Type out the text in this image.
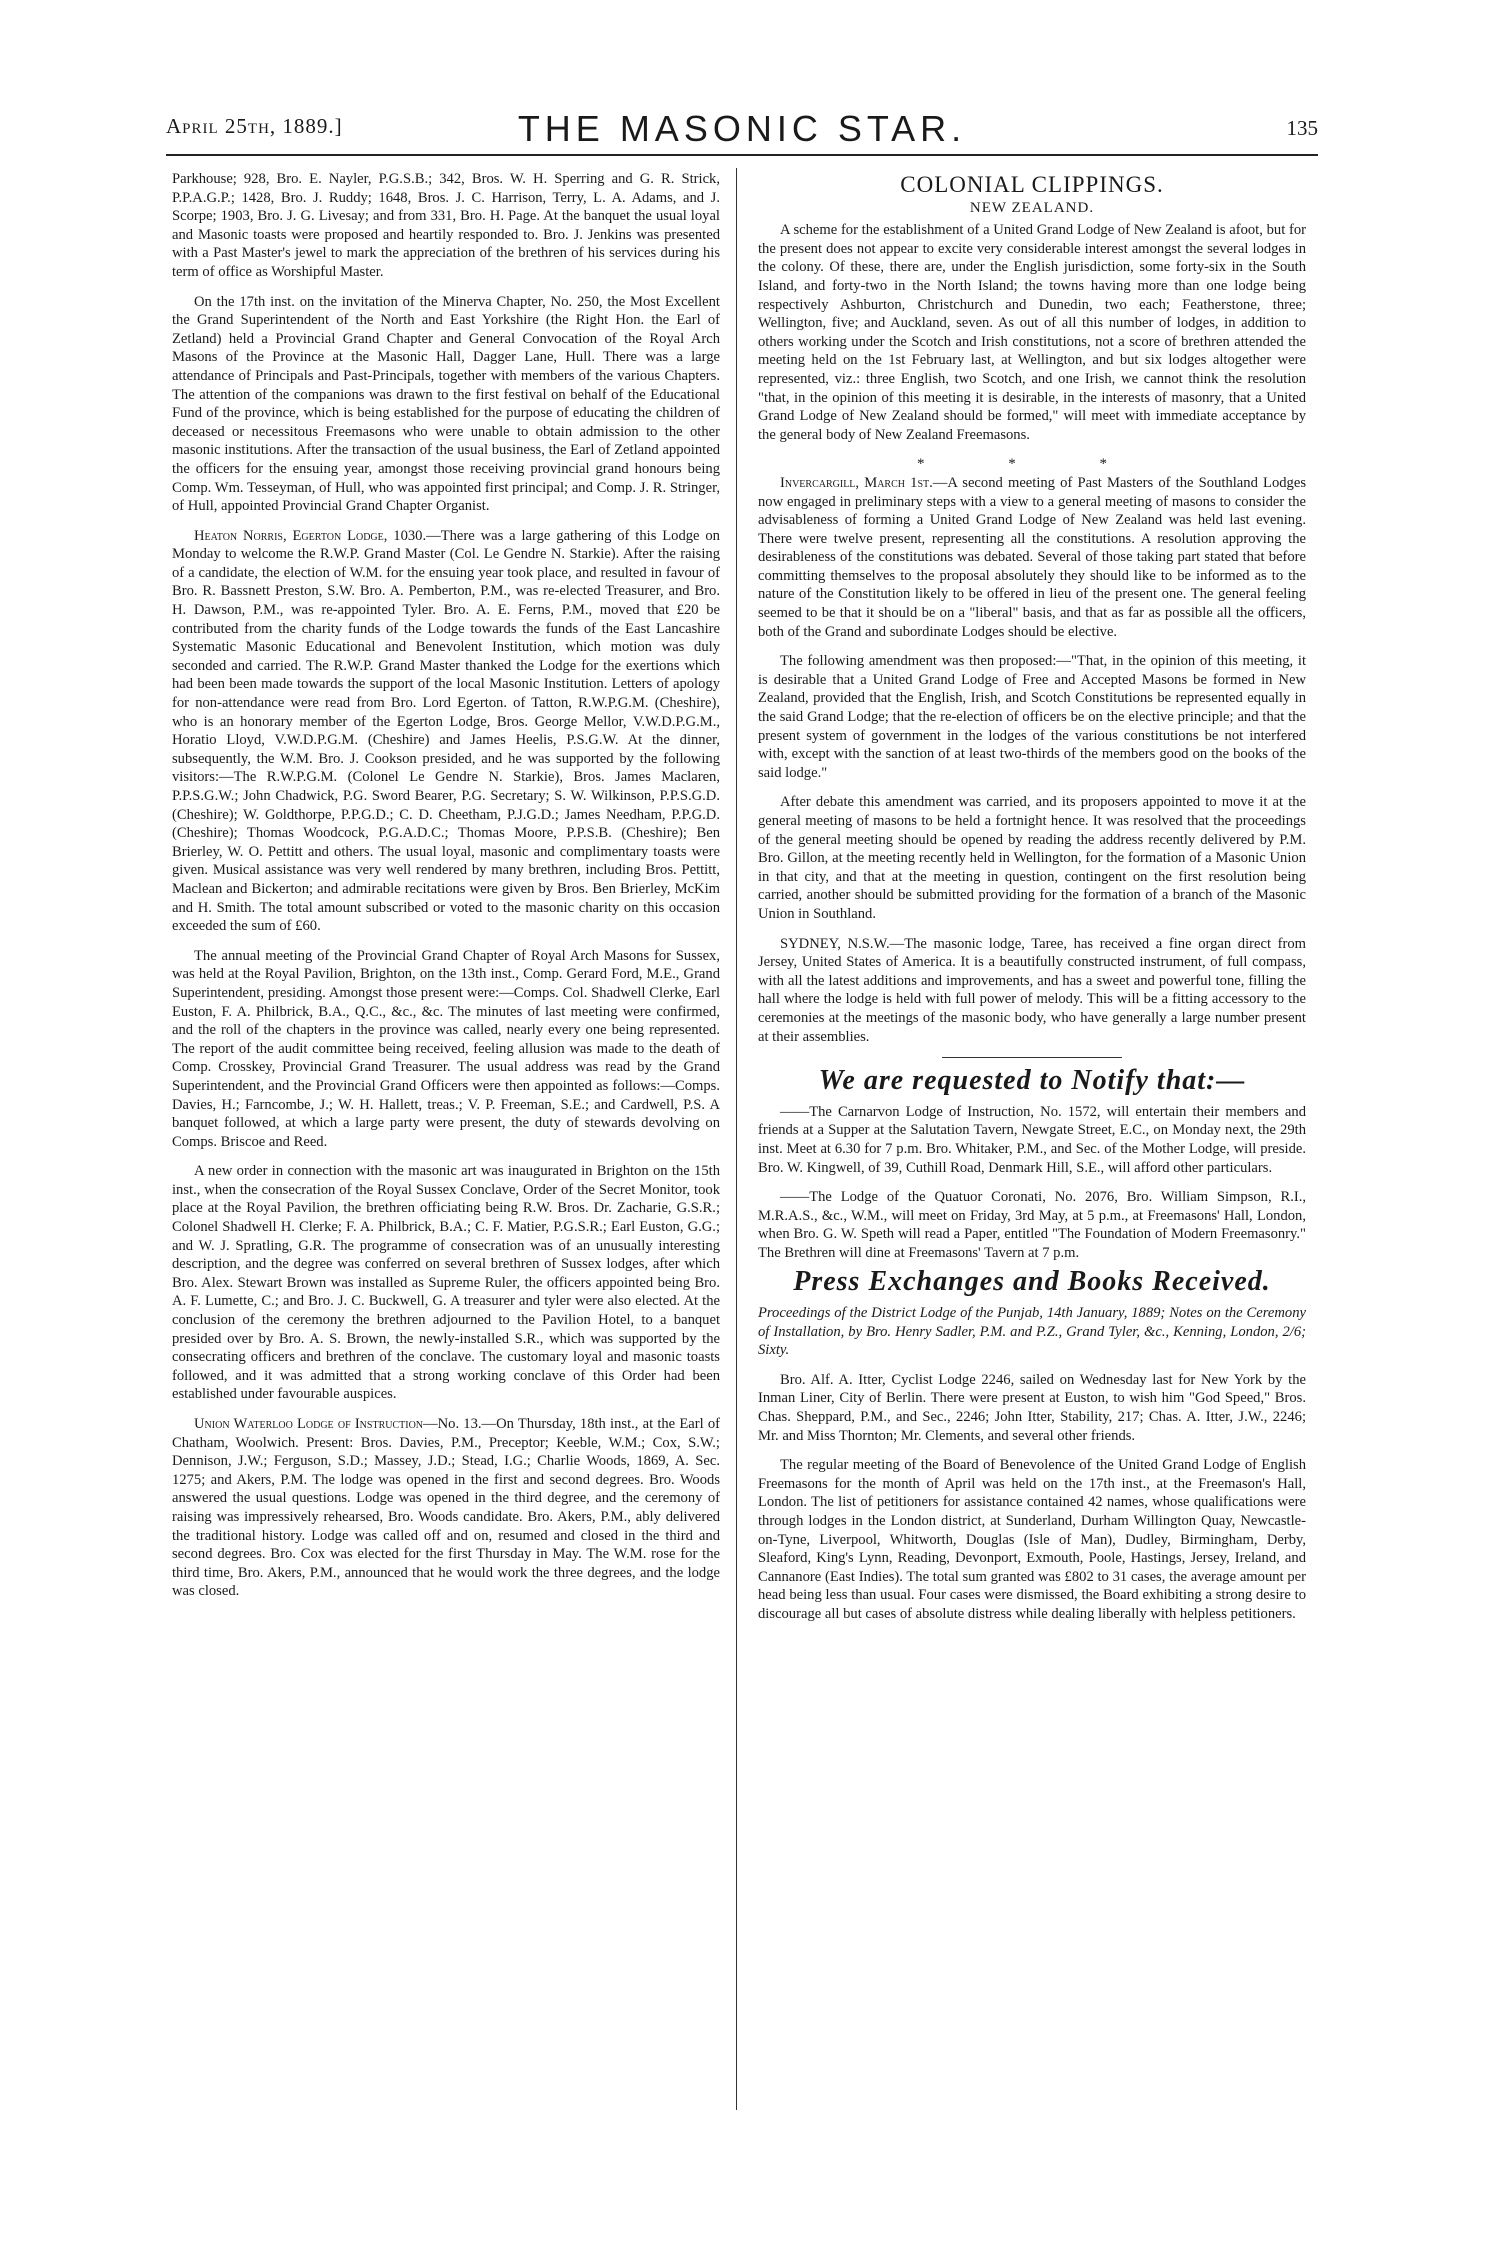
April 25th, 1889.]	THE MASONIC STAR.	135

Parkhouse; 928, Bro. E. Nayler, P.G.S.B.; 342, Bros. W. H. Sperring and G. R. Strick, P.P.A.G.P.; 1428, Bro. J. Ruddy; 1648, Bros. J. C. Harrison, Terry, L. A. Adams, and J. Scorpe; 1903, Bro. J. G. Livesay; and from 331, Bro. H. Page. At the banquet the usual loyal and Masonic toasts were proposed and heartily responded to. Bro. J. Jenkins was presented with a Past Master's jewel to mark the appreciation of the brethren of his services during his term of office as Worshipful Master.

On the 17th inst. on the invitation of the Minerva Chapter, No. 250, the Most Excellent the Grand Superintendent of the North and East Yorkshire (the Right Hon. the Earl of Zetland) held a Provincial Grand Chapter and General Convocation of the Royal Arch Masons of the Province at the Masonic Hall, Dagger Lane, Hull. There was a large attendance of Principals and Past-Principals, together with members of the various Chapters. The attention of the companions was drawn to the first festival on behalf of the Educational Fund of the province, which is being established for the purpose of educating the children of deceased or necessitous Freemasons who were unable to obtain admission to the other masonic institutions. After the transaction of the usual business, the Earl of Zetland appointed the officers for the ensuing year, amongst those receiving provincial grand honours being Comp. Wm. Tesseyman, of Hull, who was appointed first principal; and Comp. J. R. Stringer, of Hull, appointed Provincial Grand Chapter Organist.

Heaton Norris, Egerton Lodge, 1030.—There was a large gathering of this Lodge on Monday to welcome the R.W.P. Grand Master (Col. Le Gendre N. Starkie). After the raising of a candidate, the election of W.M. for the ensuing year took place, and resulted in favour of Bro. R. Bassnett Preston, S.W. Bro. A. Pemberton, P.M., was re-elected Treasurer, and Bro. H. Dawson, P.M., was re-appointed Tyler. Bro. A. E. Ferns, P.M., moved that £20 be contributed from the charity funds of the Lodge towards the funds of the East Lancashire Systematic Masonic Educational and Benevolent Institution, which motion was duly seconded and carried. The R.W.P. Grand Master thanked the Lodge for the exertions which had been been made towards the support of the local Masonic Institution. Letters of apology for non-attendance were read from Bro. Lord Egerton. of Tatton, R.W.P.G.M. (Cheshire), who is an honorary member of the Egerton Lodge, Bros. George Mellor, V.W.D.P.G.M., Horatio Lloyd, V.W.D.P.G.M. (Cheshire) and James Heelis, P.S.G.W. At the dinner, subsequently, the W.M. Bro. J. Cookson presided, and he was supported by the following visitors:—The R.W.P.G.M. (Colonel Le Gendre N. Starkie), Bros. James Maclaren, P.P.S.G.W.; John Chadwick, P.G. Sword Bearer, P.G. Secretary; S. W. Wilkinson, P.P.S.G.D. (Cheshire); W. Goldthorpe, P.P.G.D.; C. D. Cheetham, P.J.G.D.; James Needham, P.P.G.D. (Cheshire); Thomas Woodcock, P.G.A.D.C.; Thomas Moore, P.P.S.B. (Cheshire); Ben Brierley, W. O. Pettitt and others. The usual loyal, masonic and complimentary toasts were given. Musical assistance was very well rendered by many brethren, including Bros. Pettitt, Maclean and Bickerton; and admirable recitations were given by Bros. Ben Brierley, McKim and H. Smith. The total amount subscribed or voted to the masonic charity on this occasion exceeded the sum of £60.

The annual meeting of the Provincial Grand Chapter of Royal Arch Masons for Sussex, was held at the Royal Pavilion, Brighton, on the 13th inst., Comp. Gerard Ford, M.E., Grand Superintendent, presiding. Amongst those present were:—Comps. Col. Shadwell Clerke, Earl Euston, F. A. Philbrick, B.A., Q.C., &c., &c. The minutes of last meeting were confirmed, and the roll of the chapters in the province was called, nearly every one being represented. The report of the audit committee being received, feeling allusion was made to the death of Comp. Crosskey, Provincial Grand Treasurer. The usual address was read by the Grand Superintendent, and the Provincial Grand Officers were then appointed as follows:—Comps. Davies, H.; Farncombe, J.; W. H. Hallett, treas.; V. P. Freeman, S.E.; and Cardwell, P.S. A banquet followed, at which a large party were present, the duty of stewards devolving on Comps. Briscoe and Reed.

A new order in connection with the masonic art was inaugurated in Brighton on the 15th inst., when the consecration of the Royal Sussex Conclave, Order of the Secret Monitor, took place at the Royal Pavilion, the brethren officiating being R.W. Bros. Dr. Zacharie, G.S.R.; Colonel Shadwell H. Clerke; F. A. Philbrick, B.A.; C. F. Matier, P.G.S.R.; Earl Euston, G.G.; and W. J. Spratling, G.R. The programme of consecration was of an unusually interesting description, and the degree was conferred on several brethren of Sussex lodges, after which Bro. Alex. Stewart Brown was installed as Supreme Ruler, the officers appointed being Bro. A. F. Lumette, C.; and Bro. J. C. Buckwell, G. A treasurer and tyler were also elected. At the conclusion of the ceremony the brethren adjourned to the Pavilion Hotel, to a banquet presided over by Bro. A. S. Brown, the newly-installed S.R., which was supported by the consecrating officers and brethren of the conclave. The customary loyal and masonic toasts followed, and it was admitted that a strong working conclave of this Order had been established under favourable auspices.

Union Waterloo Lodge of Instruction—No. 13.—On Thursday, 18th inst., at the Earl of Chatham, Woolwich. Present: Bros. Davies, P.M., Preceptor; Keeble, W.M.; Cox, S.W.; Dennison, J.W.; Ferguson, S.D.; Massey, J.D.; Stead, I.G.; Charlie Woods, 1869, A. Sec. 1275; and Akers, P.M. The lodge was opened in the first and second degrees. Bro. Woods answered the usual questions. Lodge was opened in the third degree, and the ceremony of raising was impressively rehearsed, Bro. Woods candidate. Bro. Akers, P.M., ably delivered the traditional history. Lodge was called off and on, resumed and closed in the third and second degrees. Bro. Cox was elected for the first Thursday in May. The W.M. rose for the third time, Bro. Akers, P.M., announced that he would work the three degrees, and the lodge was closed.

COLONIAL CLIPPINGS.
NEW ZEALAND.

A scheme for the establishment of a United Grand Lodge of New Zealand is afoot, but for the present does not appear to excite very considerable interest amongst the several lodges in the colony. Of these, there are, under the English jurisdiction, some forty-six in the South Island, and forty-two in the North Island; the towns having more than one lodge being respectively Ashburton, Christchurch and Dunedin, two each; Featherstone, three; Wellington, five; and Auckland, seven. As out of all this number of lodges, in addition to others working under the Scotch and Irish constitutions, not a score of brethren attended the meeting held on the 1st February last, at Wellington, and but six lodges altogether were represented, viz.: three English, two Scotch, and one Irish, we cannot think the resolution "that, in the opinion of this meeting it is desirable, in the interests of masonry, that a United Grand Lodge of New Zealand should be formed," will meet with immediate acceptance by the general body of New Zealand Freemasons.

* * *

Invercargill, March 1st.—A second meeting of Past Masters of the Southland Lodges now engaged in preliminary steps with a view to a general meeting of masons to consider the advisableness of forming a United Grand Lodge of New Zealand was held last evening. There were twelve present, representing all the constitutions. A resolution approving the desirableness of the constitutions was debated. Several of those taking part stated that before committing themselves to the proposal absolutely they should like to be informed as to the nature of the Constitution likely to be offered in lieu of the present one. The general feeling seemed to be that it should be on a "liberal" basis, and that as far as possible all the officers, both of the Grand and subordinate Lodges should be elective.

The following amendment was then proposed:—"That, in the opinion of this meeting, it is desirable that a United Grand Lodge of Free and Accepted Masons be formed in New Zealand, provided that the English, Irish, and Scotch Constitutions be represented equally in the said Grand Lodge; that the re-election of officers be on the elective principle; and that the present system of government in the lodges of the various constitutions be not interfered with, except with the sanction of at least two-thirds of the members good on the books of the said lodge."

After debate this amendment was carried, and its proposers appointed to move it at the general meeting of masons to be held a fortnight hence. It was resolved that the proceedings of the general meeting should be opened by reading the address recently delivered by P.M. Bro. Gillon, at the meeting recently held in Wellington, for the formation of a Masonic Union in that city, and that at the meeting in question, contingent on the first resolution being carried, another should be submitted providing for the formation of a branch of the Masonic Union in Southland.

SYDNEY, N.S.W.—The masonic lodge, Taree, has received a fine organ direct from Jersey, United States of America. It is a beautifully constructed instrument, of full compass, with all the latest additions and improvements, and has a sweet and powerful tone, filling the hall where the lodge is held with full power of melody. This will be a fitting accessory to the ceremonies at the meetings of the masonic body, who have generally a large number present at their assemblies.

We are requested to Notify that:—

——The Carnarvon Lodge of Instruction, No. 1572, will entertain their members and friends at a Supper at the Salutation Tavern, Newgate Street, E.C., on Monday next, the 29th inst. Meet at 6.30 for 7 p.m. Bro. Whitaker, P.M., and Sec. of the Mother Lodge, will preside. Bro. W. Kingwell, of 39, Cuthill Road, Denmark Hill, S.E., will afford other particulars.

——The Lodge of the Quatuor Coronati, No. 2076, Bro. William Simpson, R.I., M.R.A.S., &c., W.M., will meet on Friday, 3rd May, at 5 p.m., at Freemasons' Hall, London, when Bro. G. W. Speth will read a Paper, entitled "The Foundation of Modern Freemasonry." The Brethren will dine at Freemasons' Tavern at 7 p.m.

Press Exchanges and Books Received.

Proceedings of the District Lodge of the Punjab, 14th January, 1889; Notes on the Ceremony of Installation, by Bro. Henry Sadler, P.M. and P.Z., Grand Tyler, &c., Kenning, London, 2/6; Sixty.

Bro. Alf. A. Itter, Cyclist Lodge 2246, sailed on Wednesday last for New York by the Inman Liner, City of Berlin. There were present at Euston, to wish him "God Speed," Bros. Chas. Sheppard, P.M., and Sec., 2246; John Itter, Stability, 217; Chas. A. Itter, J.W., 2246; Mr. and Miss Thornton; Mr. Clements, and several other friends.

The regular meeting of the Board of Benevolence of the United Grand Lodge of English Freemasons for the month of April was held on the 17th inst., at the Freemason's Hall, London. The list of petitioners for assistance contained 42 names, whose qualifications were through lodges in the London district, at Sunderland, Durham Willington Quay, Newcastle-on-Tyne, Liverpool, Whitworth, Douglas (Isle of Man), Dudley, Birmingham, Derby, Sleaford, King's Lynn, Reading, Devonport, Exmouth, Poole, Hastings, Jersey, Ireland, and Cannanore (East Indies). The total sum granted was £802 to 31 cases, the average amount per head being less than usual. Four cases were dismissed, the Board exhibiting a strong desire to discourage all but cases of absolute distress while dealing liberally with helpless petitioners.
